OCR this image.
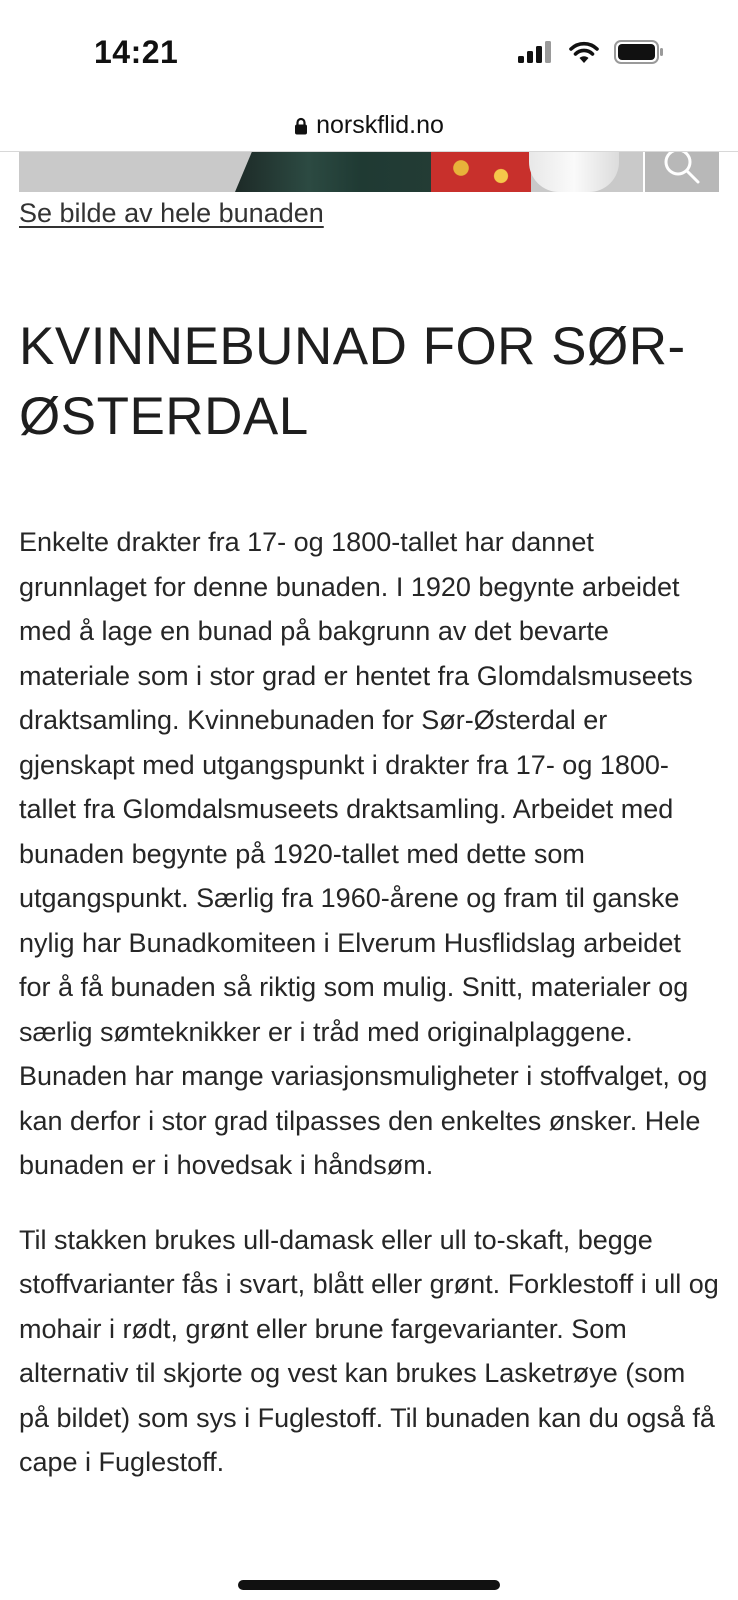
14:21
norskflid.no
Se bilde av hele bunaden
KVINNEBUNAD FOR SØR-ØSTERDAL

Enkelte drakter fra 17- og 1800-tallet har dannet grunnlaget for denne bunaden. I 1920 begynte arbeidet med å lage en bunad på bakgrunn av det bevarte materiale som i stor grad er hentet fra Glomdalsmuseets draktsamling. Kvinnebunaden for Sør-Østerdal er gjenskapt med utgangspunkt i drakter fra 17- og 1800-tallet fra Glomdalsmuseets draktsamling. Arbeidet med bunaden begynte på 1920-tallet med dette som utgangspunkt. Særlig fra 1960-årene og fram til ganske nylig har Bunadkomiteen i Elverum Husflidslag arbeidet for å få bunaden så riktig som mulig. Snitt, materialer og særlig sømteknikker er i tråd med originalplaggene. Bunaden har mange variasjonsmuligheter i stoffvalget, og kan derfor i stor grad tilpasses den enkeltes ønsker. Hele bunaden er i hovedsak i håndsøm.

Til stakken brukes ull-damask eller ull to-skaft, begge stoffvarianter fås i svart, blått eller grønt. Forklestoff i ull og mohair i rødt, grønt eller brune fargevarianter. Som alternativ til skjorte og vest kan brukes Lasketrøye (som på bildet) som sys i Fuglestoff. Til bunaden kan du også få cape i Fuglestoff.
